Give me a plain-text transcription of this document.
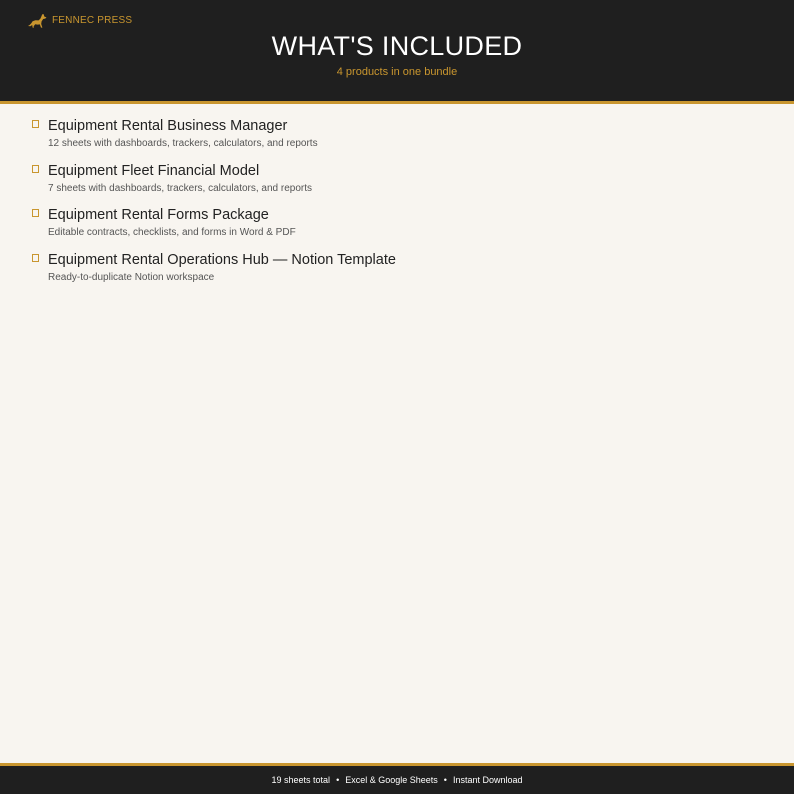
FENNEC PRESS
WHAT'S INCLUDED
4 products in one bundle
Equipment Rental Business Manager
12 sheets with dashboards, trackers, calculators, and reports
Equipment Fleet Financial Model
7 sheets with dashboards, trackers, calculators, and reports
Equipment Rental Forms Package
Editable contracts, checklists, and forms in Word & PDF
Equipment Rental Operations Hub — Notion Template
Ready-to-duplicate Notion workspace
19 sheets total • Excel & Google Sheets • Instant Download
